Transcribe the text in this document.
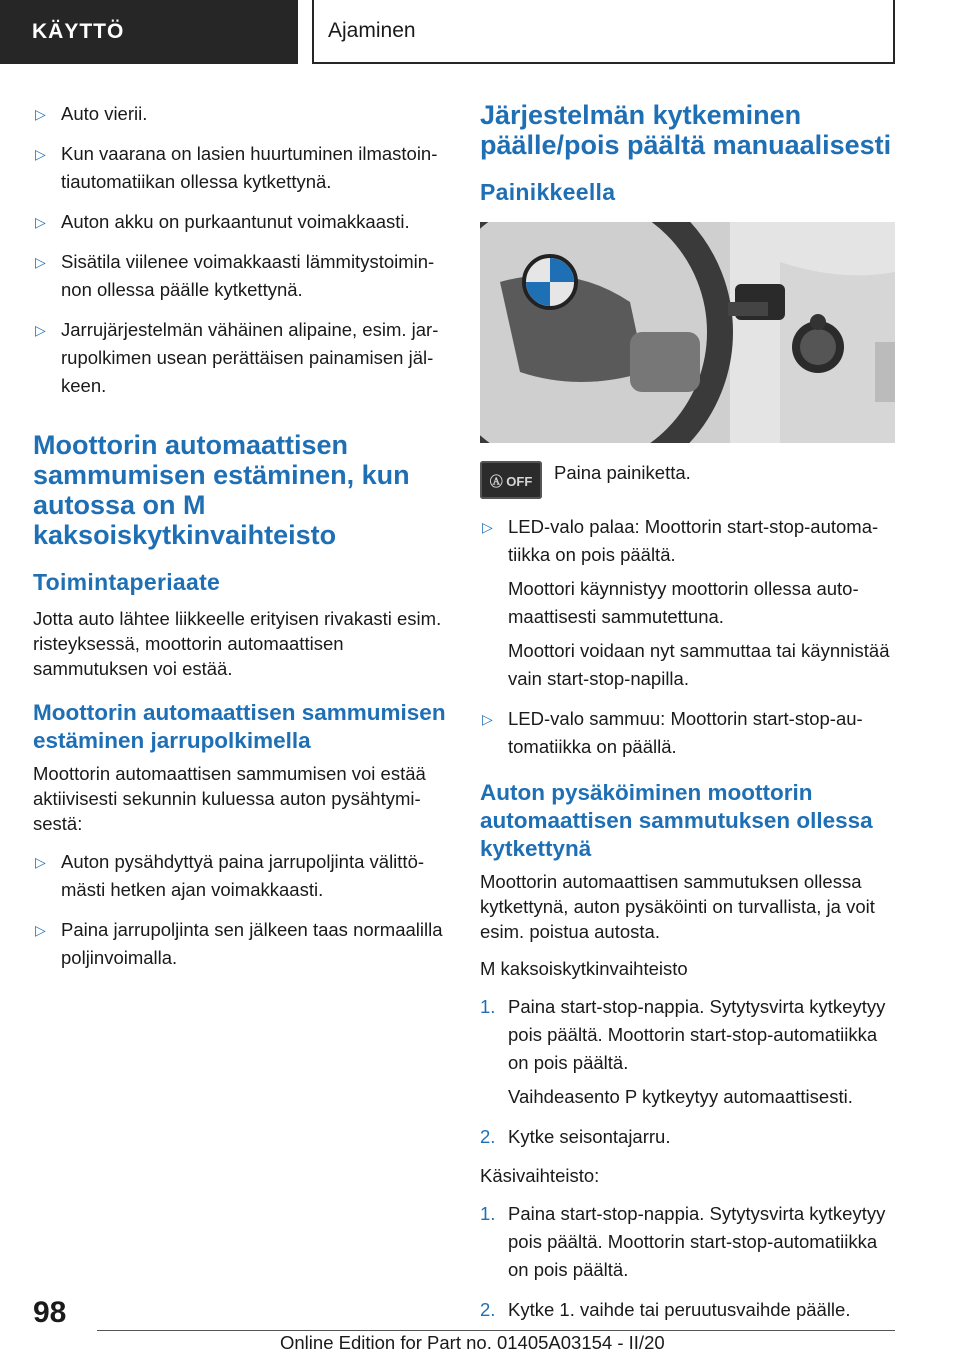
KÄYTTÖ	Ajaminen
▷ Auto vierii.

▷ Kun vaarana on lasien huurtuminen ilmastointiautomatiikan ollessa kytkettynä.

▷ Auton akku on purkaantunut voimakkaasti.

▷ Sisätila viilenee voimakkaasti lämmitystoiminnon ollessa päälle kytkettynä.

▷ Jarrujärjestelmän vähäinen alipaine, esim. jarrupolkimen usean perättäisen painamisen jälkeen.

Moottorin automaattisen sammumisen estäminen, kun autossa on M kaksoiskytkinvaihteisto
Toimintaperiaate

Jotta auto lähtee liikkeelle erityisen rivakasti esim. risteyksessä, moottorin automaattisen sammutuksen voi estää.

Moottorin automaattisen sammumisen estäminen jarrupolkimella

Moottorin automaattisen sammumisen voi estää aktiivisesti sekunnin kuluessa auton pysähtymisestä:

▷ Auton pysähdyttyä paina jarrupoljinta välittömästi hetken ajan voimakkaasti.

▷ Paina jarrupoljinta sen jälkeen taas normaalilla poljinvoimalla.

Järjestelmän kytkeminen päälle/pois päältä manuaalisesti
Painikkeella
Ⓐ OFF	Paina painiketta.
▷ LED-valo palaa: Moottorin start-stop-automatiikka on pois päältä.

Moottori käynnistyy moottorin ollessa automaattisesti sammutettuna.

Moottori voidaan nyt sammuttaa tai käynnistää vain start-stop-napilla.

▷ LED-valo sammuu: Moottorin start-stop-automatiikka on päällä.

Auton pysäköiminen moottorin automaattisen sammutuksen ollessa kytkettynä

Moottorin automaattisen sammutuksen ollessa kytkettynä, auton pysäköinti on turvallista, ja voit esim. poistua autosta.

M kaksoiskytkinvaihteisto

1. Paina start-stop-nappia. Sytytysvirta kytkeytyy pois päältä. Moottorin start-stop-automatiikka on pois päältä.

Vaihdeasento P kytkeytyy automaattisesti.

2. Kytke seisontajarru.

Käsivaihteisto:

1. Paina start-stop-nappia. Sytytysvirta kytkeytyy pois päältä. Moottorin start-stop-automatiikka on pois päältä.

2. Kytke 1. vaihde tai peruutusvaihde päälle.

98
Online Edition for Part no. 01405A03154 - II/20
